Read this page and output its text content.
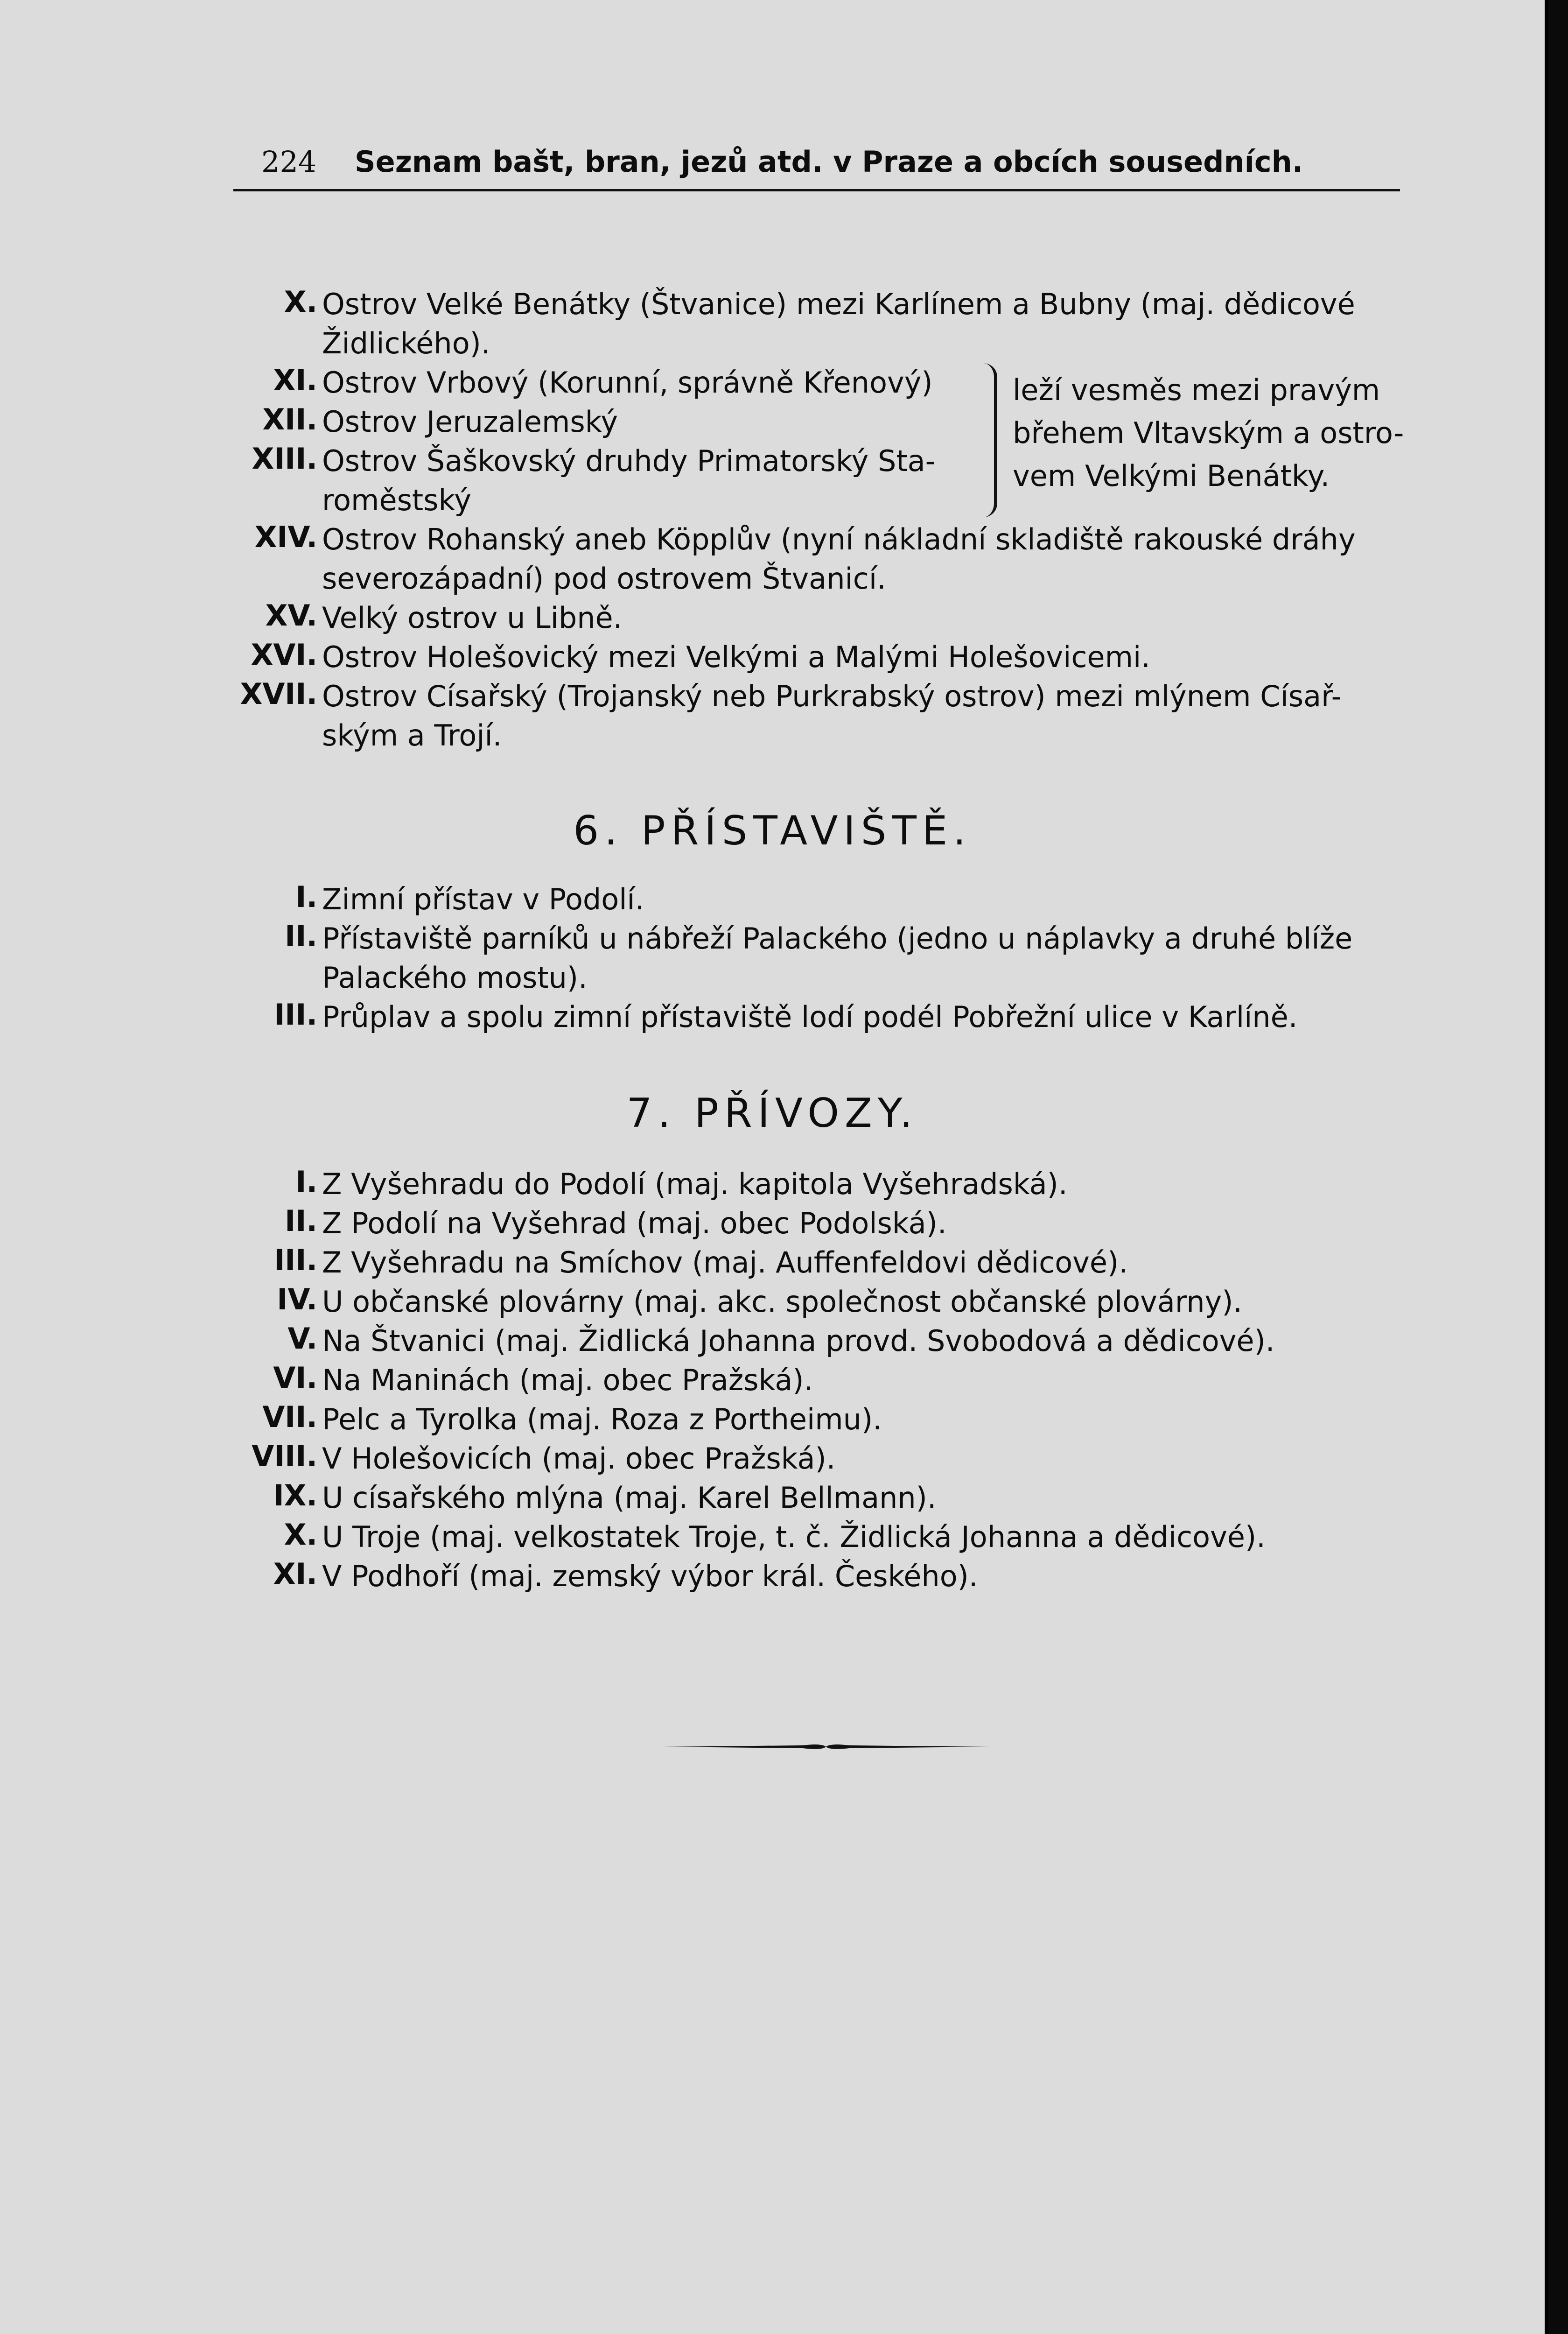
224 Seznam bašt, bran, jezů atd. v Praze a obcích sousedních.
X. Ostrov Velké Benátky (Štvanice) mezi Karlínem a Bubny (maj. dědicové
Židlického).
XI. Ostrov Vrbový (Korunní, správně Křenový)
XII. Ostrov Jeruzalemský
XIII. Ostrov Šaškovský druhdy Primatorský Sta-
roměstský
leží vesměs mezi pravým
břehem Vltavským a ostro-
vem Velkými Benátky.
XIV. Ostrov Rohanský aneb Köpplův (nyní nákladní skladiště rakouské dráhy
severozápadní) pod ostrovem Štvanicí.
XV. Velký ostrov u Libně.
XVI. Ostrov Holešovický mezi Velkými a Malými Holešovicemi.
XVII. Ostrov Císařský (Trojanský neb Purkrabský ostrov) mezi mlýnem Císař-
ským a Trojí.
6. PŘÍSTAVIŠTĚ.
I. Zimní přístav v Podolí.
II. Přístaviště parníků u nábřeží Palackého (jedno u náplavky a druhé blíže
Palackého mostu).
III. Průplav a spolu zimní přístaviště lodí podél Pobřežní ulice v Karlíně.
7. PŘÍVOZY.
I. Z Vyšehradu do Podolí (maj. kapitola Vyšehradská).
II. Z Podolí na Vyšehrad (maj. obec Podolská).
III. Z Vyšehradu na Smíchov (maj. Auffenfeldovi dědicové).
IV. U občanské plovárny (maj. akc. společnost občanské plovárny).
V. Na Štvanici (maj. Židlická Johanna provd. Svobodová a dědicové).
VI. Na Maninách (maj. obec Pražská).
VII. Pelc a Tyrolka (maj. Roza z Portheimu).
VIII. V Holešovicích (maj. obec Pražská).
IX. U císařského mlýna (maj. Karel Bellmann).
X. U Troje (maj. velkostatek Troje, t. č. Židlická Johanna a dědicové).
XI. V Podhoří (maj. zemský výbor král. Českého).
